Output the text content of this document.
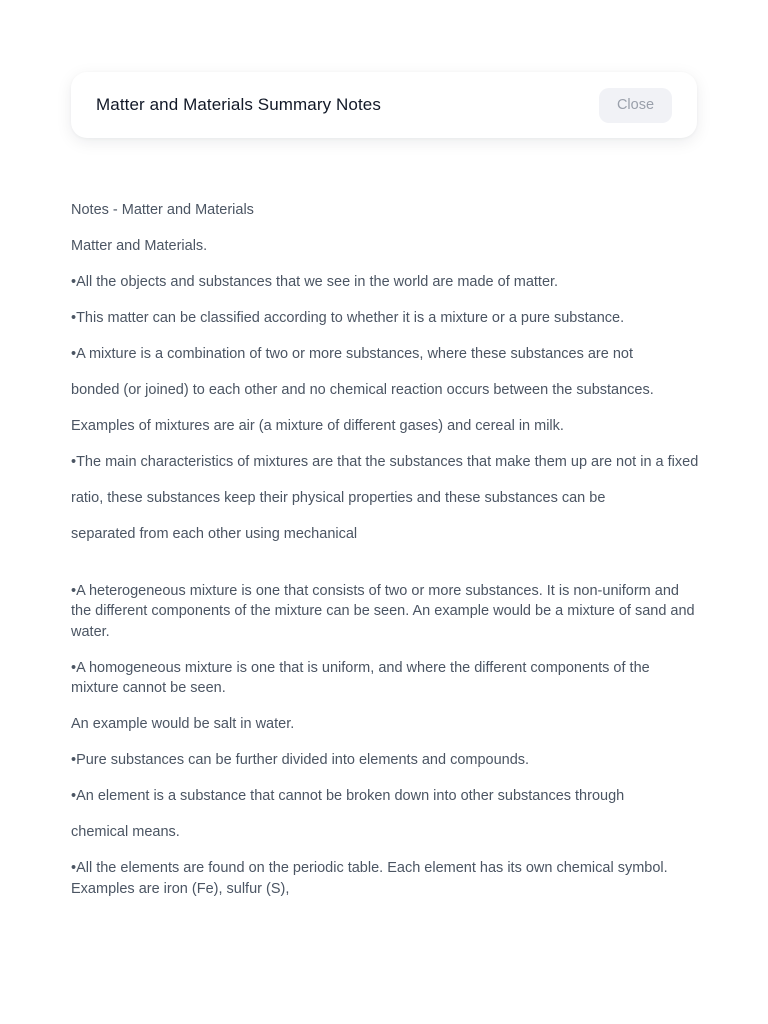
Matter and Materials Summary Notes	Close

Notes - Matter and Materials

Matter and Materials.

•All the objects and substances that we see in the world are made of matter.

•This matter can be classified according to whether it is a mixture or a pure substance.

•A mixture is a combination of two or more substances, where these substances are not

bonded (or joined) to each other and no chemical reaction occurs between the substances.

Examples of mixtures are air (a mixture of different gases) and cereal in milk.

•The main characteristics of mixtures are that the substances that make them up are not in a fixed

ratio, these substances keep their physical properties and these substances can be

separated from each other using mechanical

•A heterogeneous mixture is one that consists of two or more substances. It is non-uniform and the different components of the mixture can be seen. An example would be a mixture of sand and water.

•A homogeneous mixture is one that is uniform, and where the different components of the mixture cannot be seen.

An example would be salt in water.

•Pure substances can be further divided into elements and compounds.

•An element is a substance that cannot be broken down into other substances through

chemical means.

•All the elements are found on the periodic table. Each element has its own chemical symbol. Examples are iron (Fe), sulfur (S),
